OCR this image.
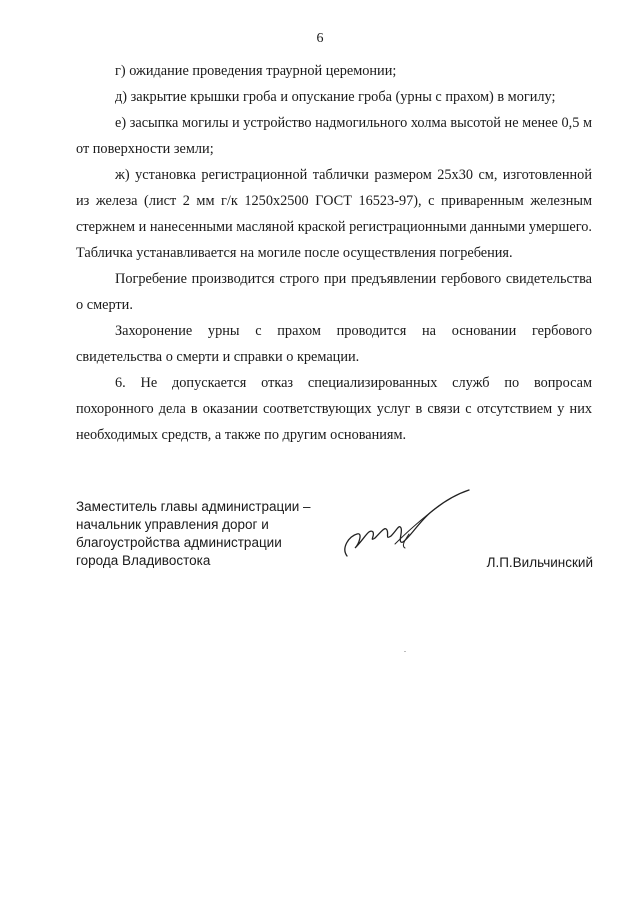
6

г) ожидание проведения траурной церемонии;

д) закрытие крышки гроба и опускание гроба (урны с прахом) в могилу;

е) засыпка могилы и устройство надмогильного холма высотой не менее 0,5 м от поверхности земли;

ж) установка регистрационной таблички размером 25х30 см, изготовленной из железа (лист 2 мм г/к 1250х2500 ГОСТ 16523-97), с приваренным железным стержнем и нанесенными масляной краской регистрационными данными умершего. Табличка устанавливается на могиле после осуществления погребения.

Погребение производится строго при предъявлении гербового свидетельства о смерти.

Захоронение урны с прахом проводится на основании гербового свидетельства о смерти и справки о кремации.

6. Не допускается отказ специализированных служб по вопросам похоронного дела в оказании соответствующих услуг в связи с отсутствием у них необходимых средств, а также по другим основаниям.

Заместитель главы администрации –
начальник управления дорог и
благоустройства администрации
города Владивостока	Л.П.Вильчинский
